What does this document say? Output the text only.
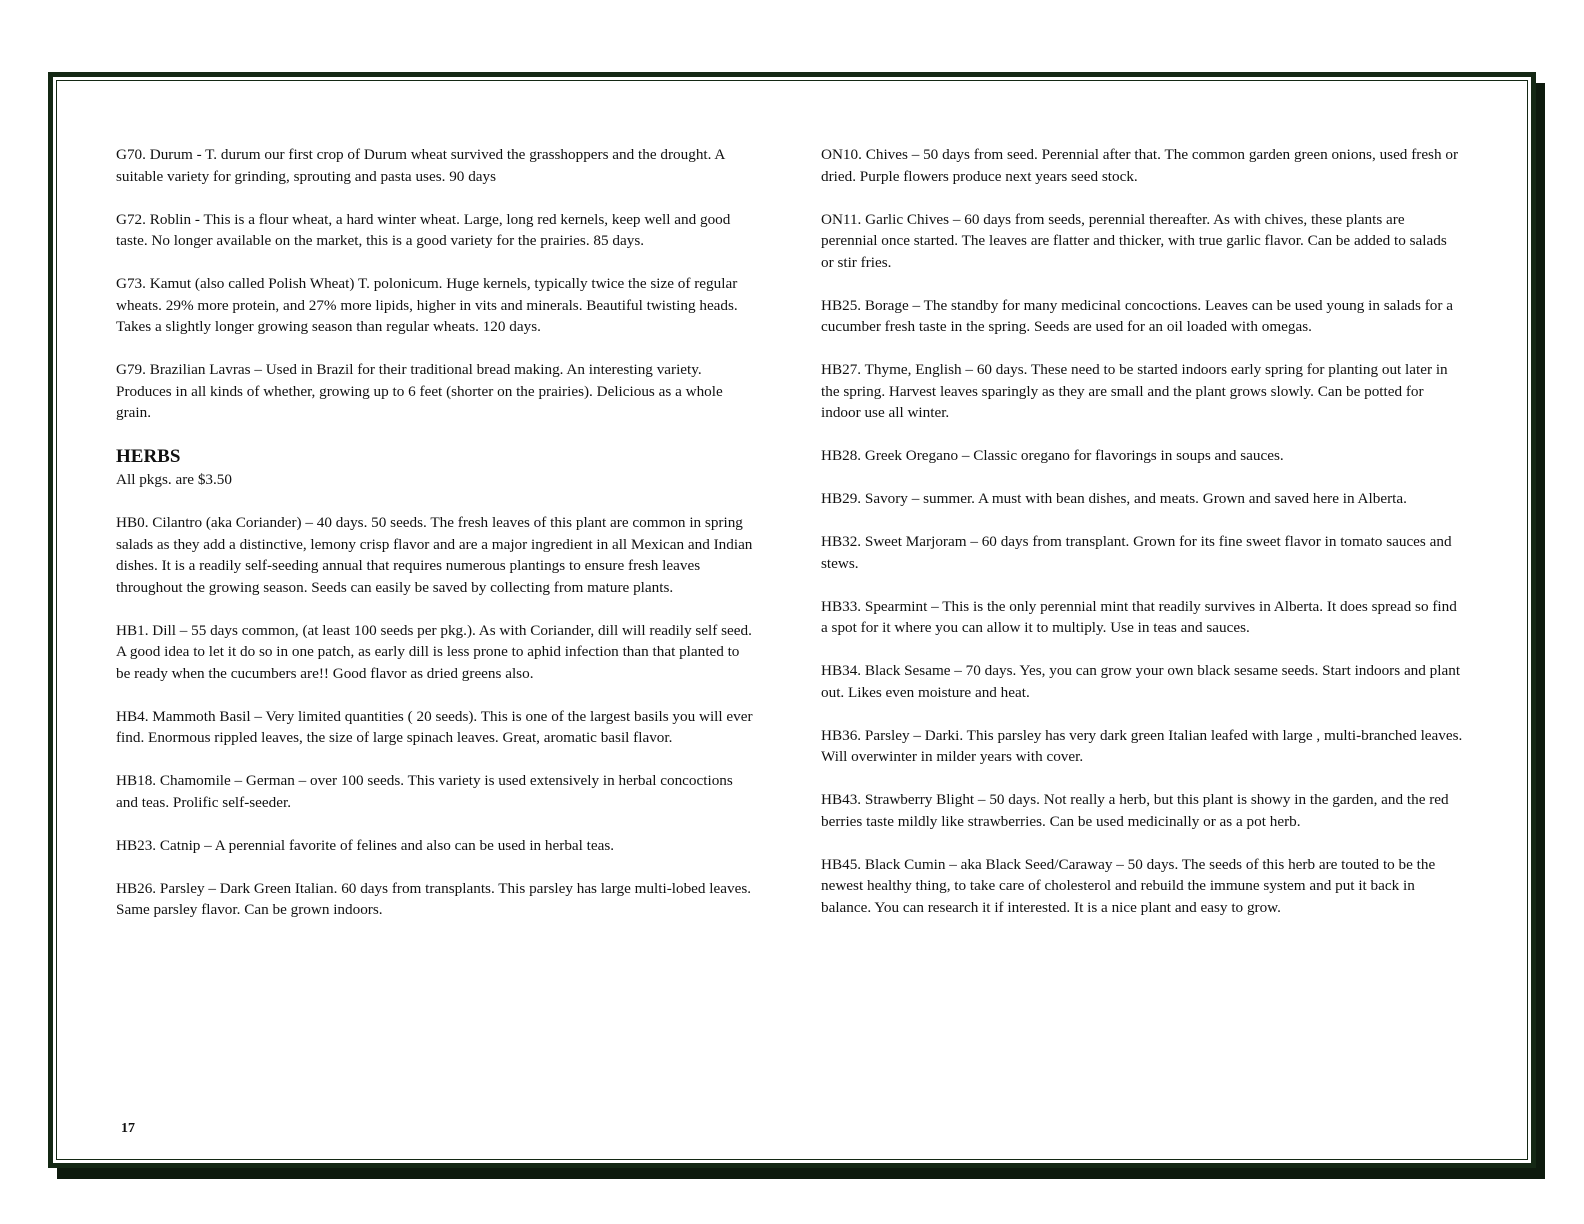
G70. Durum - T. durum our first crop of Durum wheat survived the grasshoppers and the drought. A suitable variety for grinding, sprouting and pasta uses. 90 days

G72. Roblin - This is a flour wheat, a hard winter wheat. Large, long red kernels, keep well and good taste. No longer available on the market, this is a good variety for the prairies. 85 days.

G73. Kamut (also called Polish Wheat) T. polonicum. Huge kernels, typically twice the size of regular wheats. 29% more protein, and 27% more lipids, higher in vits and minerals. Beautiful twisting heads. Takes a slightly longer growing season than regular wheats. 120 days.

G79. Brazilian Lavras – Used in Brazil for their traditional bread making. An interesting variety. Produces in all kinds of whether, growing up to 6 feet (shorter on the prairies). Delicious as a whole grain.

HERBS

All pkgs. are $3.50

HB0. Cilantro (aka Coriander) – 40 days. 50 seeds. The fresh leaves of this plant are common in spring salads as they add a distinctive, lemony crisp flavor and are a major ingredient in all Mexican and Indian dishes. It is a readily self-seeding annual that requires numerous plantings to ensure fresh leaves throughout the growing season. Seeds can easily be saved by collecting from mature plants.

HB1. Dill – 55 days common, (at least 100 seeds per pkg.). As with Coriander, dill will readily self seed. A good idea to let it do so in one patch, as early dill is less prone to aphid infection than that planted to be ready when the cucumbers are!! Good flavor as dried greens also.

HB4. Mammoth Basil – Very limited quantities ( 20 seeds). This is one of the largest basils you will ever find. Enormous rippled leaves, the size of large spinach leaves. Great, aromatic basil flavor.

HB18. Chamomile – German – over 100 seeds. This variety is used extensively in herbal concoctions and teas. Prolific self-seeder.

HB23. Catnip – A perennial favorite of felines and also can be used in herbal teas.

HB26. Parsley – Dark Green Italian. 60 days from transplants. This parsley has large multi-lobed leaves. Same parsley flavor. Can be grown indoors.

ON10. Chives – 50 days from seed. Perennial after that. The common garden green onions, used fresh or dried. Purple flowers produce next years seed stock.

ON11. Garlic Chives – 60 days from seeds, perennial thereafter. As with chives, these plants are perennial once started. The leaves are flatter and thicker, with true garlic flavor. Can be added to salads or stir fries.

HB25. Borage – The standby for many medicinal concoctions. Leaves can be used young in salads for a cucumber fresh taste in the spring. Seeds are used for an oil loaded with omegas.

HB27. Thyme, English – 60 days. These need to be started indoors early spring for planting out later in the spring. Harvest leaves sparingly as they are small and the plant grows slowly. Can be potted for indoor use all winter.

HB28. Greek Oregano – Classic oregano for flavorings in soups and sauces.

HB29. Savory – summer. A must with bean dishes, and meats. Grown and saved here in Alberta.

HB32. Sweet Marjoram – 60 days from transplant. Grown for its fine sweet flavor in tomato sauces and stews.

HB33. Spearmint – This is the only perennial mint that readily survives in Alberta. It does spread so find a spot for it where you can allow it to multiply. Use in teas and sauces.

HB34. Black Sesame – 70 days. Yes, you can grow your own black sesame seeds. Start indoors and plant out. Likes even moisture and heat.

HB36. Parsley – Darki. This parsley has very dark green Italian leafed with large , multi-branched leaves. Will overwinter in milder years with cover.

HB43. Strawberry Blight – 50 days. Not really a herb, but this plant is showy in the garden, and the red berries taste mildly like strawberries. Can be used medicinally or as a pot herb.

HB45. Black Cumin – aka Black Seed/Caraway – 50 days. The seeds of this herb are touted to be the newest healthy thing, to take care of cholesterol and rebuild the immune system and put it back in balance. You can research it if interested. It is a nice plant and easy to grow.

17
